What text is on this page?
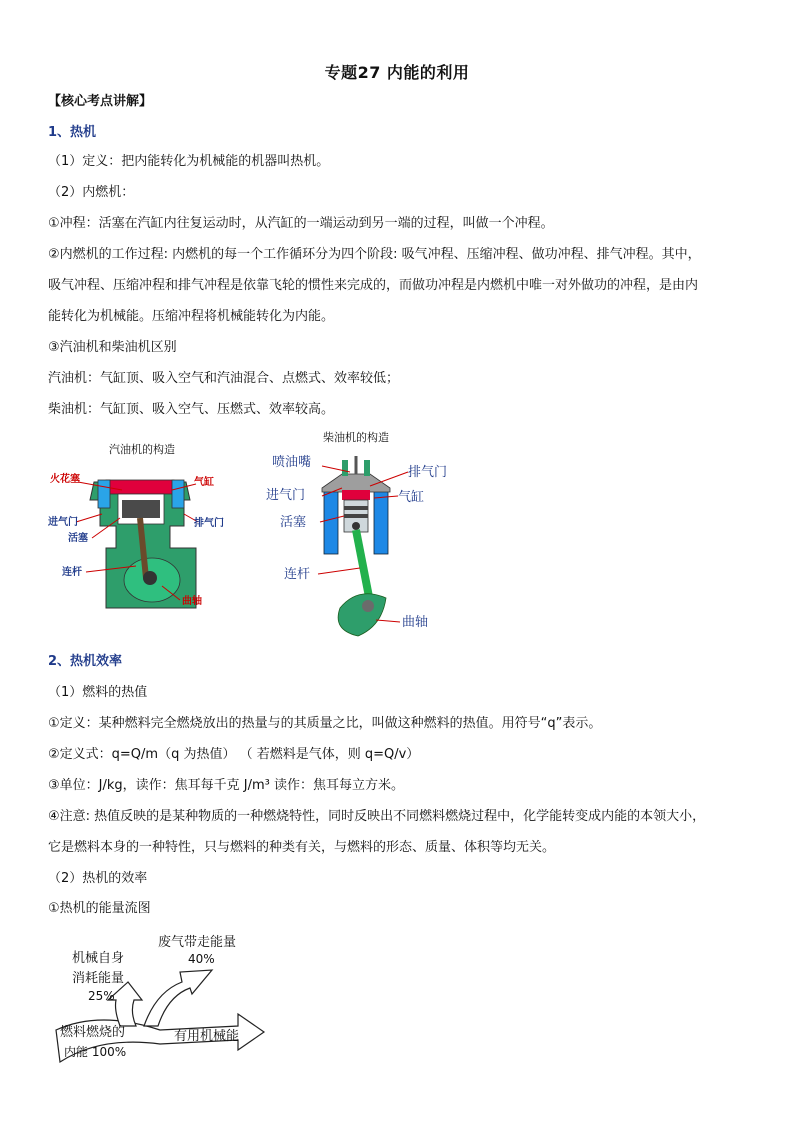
专题27 内能的利用
【核心考点讲解】
1、热机
（1）定义：把内能转化为机械能的机器叫热机。
（2）内燃机：
①冲程：活塞在汽缸内往复运动时，从汽缸的一端运动到另一端的过程，叫做一个冲程。
②内燃机的工作过程: 内燃机的每一个工作循环分为四个阶段: 吸气冲程、压缩冲程、做功冲程、排气冲程。其中，
吸气冲程、压缩冲程和排气冲程是依靠飞轮的惯性来完成的，而做功冲程是内燃机中唯一对外做功的冲程，是由内
能转化为机械能。压缩冲程将机械能转化为内能。
③汽油机和柴油机区别
汽油机：气缸顶、吸入空气和汽油混合、点燃式、效率较低；
柴油机：气缸顶、吸入空气、压燃式、效率较高。
汽油机的构造
火花塞	气缸
进气门	排气门
活塞
连杆
曲轴
柴油机的构造
喷油嘴
排气门
进气门	气缸
活塞
连杆
曲轴
2、热机效率
（1）燃料的热值
①定义：某种燃料完全燃烧放出的热量与的其质量之比，叫做这种燃料的热值。用符号“q”表示。
②定义式：q=Q/m（q 为热值） （ 若燃料是气体，则 q=Q/v）
③单位：J/kg，读作：焦耳每千克 J/m³ 读作：焦耳每立方米。
④注意: 热值反映的是某种物质的一种燃烧特性，同时反映出不同燃料燃烧过程中，化学能转变成内能的本领大小，
它是燃料本身的一种特性，只与燃料的种类有关，与燃料的形态、质量、体积等均无关。
（2）热机的效率
①热机的能量流图
废气带走能量
40%
机械自身
消耗能量
25%
燃料燃烧的
内能 100%
有用机械能
